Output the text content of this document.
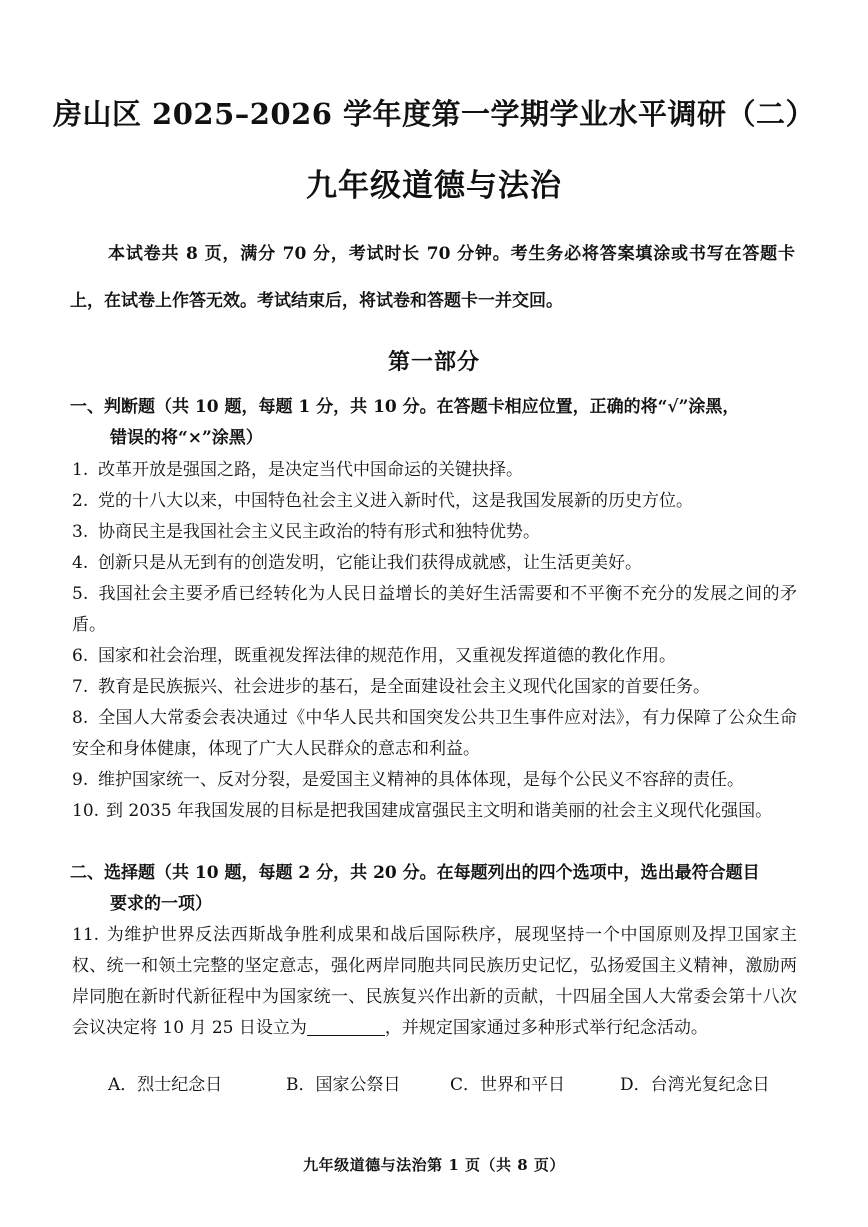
房山区 2025–2026 学年度第一学期学业水平调研（二）
九年级道德与法治
本试卷共 8 页，满分 70 分，考试时长 70 分钟。考生务必将答案填涂或书写在答题卡上，在试卷上作答无效。考试结束后，将试卷和答题卡一并交回。
第一部分
一、判断题（共 10 题，每题 1 分，共 10 分。在答题卡相应位置，正确的将“√”涂黑，
错误的将“×”涂黑）
1. 改革开放是强国之路，是决定当代中国命运的关键抉择。
2. 党的十八大以来，中国特色社会主义进入新时代，这是我国发展新的历史方位。
3. 协商民主是我国社会主义民主政治的特有形式和独特优势。
4. 创新只是从无到有的创造发明，它能让我们获得成就感，让生活更美好。
5. 我国社会主要矛盾已经转化为人民日益增长的美好生活需要和不平衡不充分的发展之间的矛盾。
6. 国家和社会治理，既重视发挥法律的规范作用，又重视发挥道德的教化作用。
7. 教育是民族振兴、社会进步的基石，是全面建设社会主义现代化国家的首要任务。
8. 全国人大常委会表决通过《中华人民共和国突发公共卫生事件应对法》，有力保障了公众生命安全和身体健康，体现了广大人民群众的意志和利益。
9. 维护国家统一、反对分裂，是爱国主义精神的具体体现，是每个公民义不容辞的责任。
10. 到 2035 年我国发展的目标是把我国建成富强民主文明和谐美丽的社会主义现代化强国。
二、选择题（共 10 题，每题 2 分，共 20 分。在每题列出的四个选项中，选出最符合题目
要求的一项）
11. 为维护世界反法西斯战争胜利成果和战后国际秩序，展现坚持一个中国原则及捍卫国家主权、统一和领土完整的坚定意志，强化两岸同胞共同民族历史记忆，弘扬爱国主义精神，激励两岸同胞在新时代新征程中为国家统一、民族复兴作出新的贡献，十四届全国人大常委会第十八次会议决定将 10 月 25 日设立为	，并规定国家通过多种形式举行纪念活动。
A．烈士纪念日	B．国家公祭日	C．世界和平日	D．台湾光复纪念日
九年级道德与法治第 1 页（共 8 页）
